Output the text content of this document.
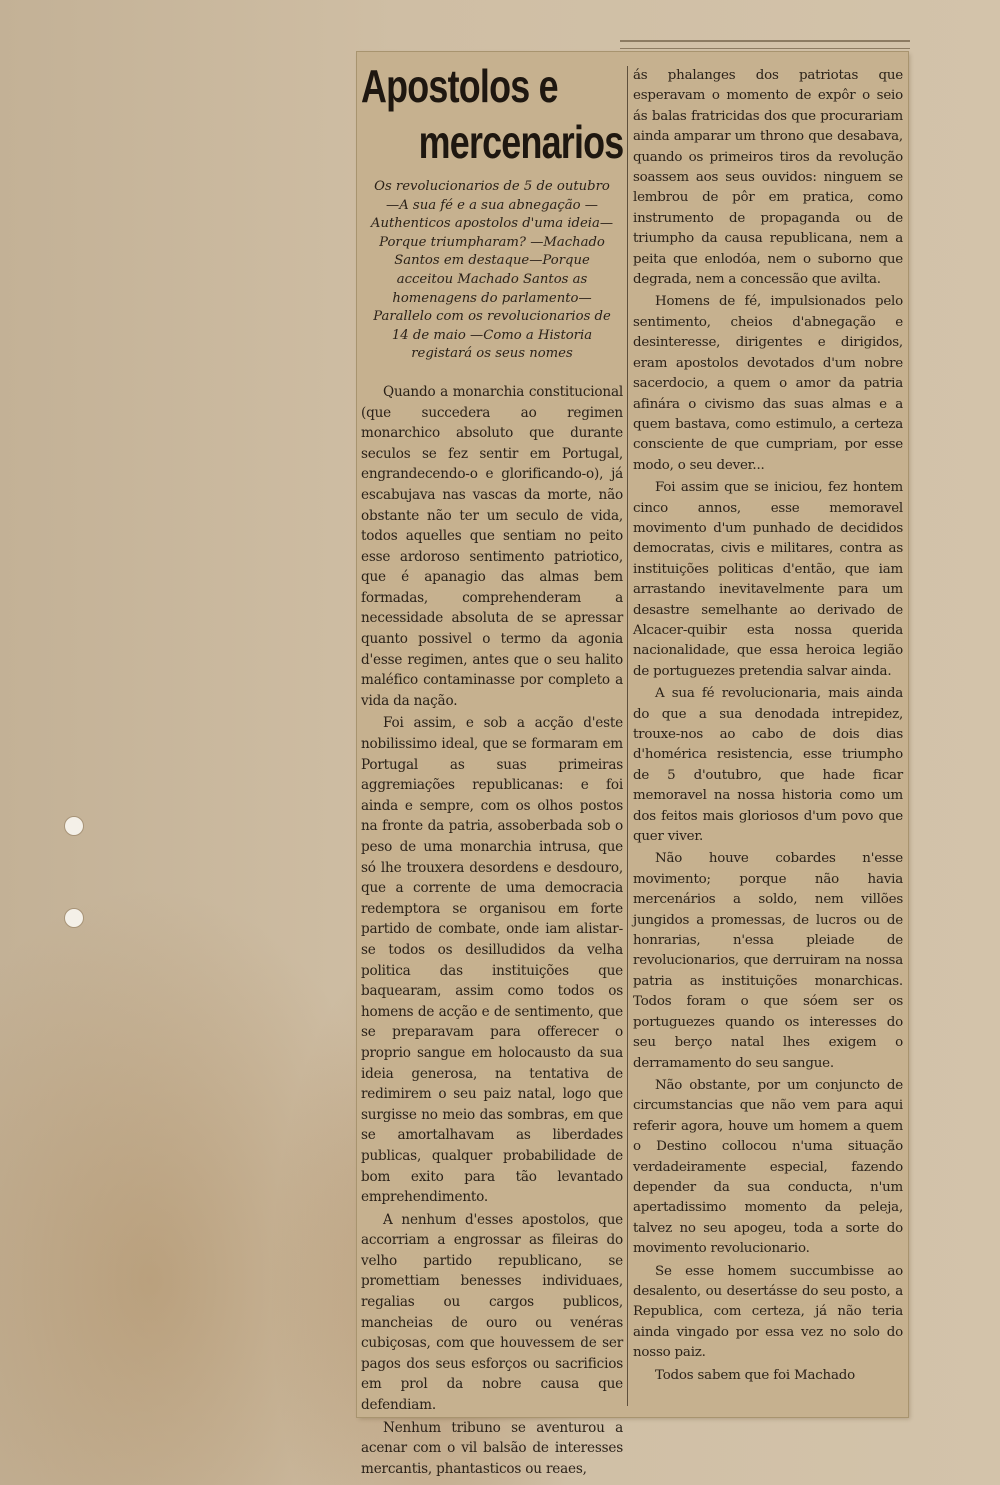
Apostolos e
mercenarios

Os revolucionarios de 5 de outubro —A sua fé e a sua abnegação —Authenticos apostolos d'uma ideia—Porque triumpharam? —Machado Santos em destaque—Porque acceitou Machado Santos as homenagens do parlamento—Parallelo com os revolucionarios de 14 de maio —Como a Historia registará os seus nomes

Quando a monarchia constitucional (que succedera ao regimen monarchico absoluto que durante seculos se fez sentir em Portugal, engrandecendo-o e glorificando-o), já escabujava nas vascas da morte, não obstante não ter um seculo de vida, todos aquelles que sentiam no peito esse ardoroso sentimento patriotico, que é apanagio das almas bem formadas, comprehenderam a necessidade absoluta de se apressar quanto possivel o termo da agonia d'esse regimen, antes que o seu halito maléfico contaminasse por completo a vida da nação.

Foi assim, e sob a acção d'este nobilissimo ideal, que se formaram em Portugal as suas primeiras aggremiações republicanas: e foi ainda e sempre, com os olhos postos na fronte da patria, assoberbada sob o peso de uma monarchia intrusa, que só lhe trouxera desordens e desdouro, que a corrente de uma democracia redemptora se organisou em forte partido de combate, onde iam alistar-se todos os desilludidos da velha politica das instituições que baquearam, assim como todos os homens de acção e de sentimento, que se preparavam para offerecer o proprio sangue em holocausto da sua ideia generosa, na tentativa de redimirem o seu paiz natal, logo que surgisse no meio das sombras, em que se amortalhavam as liberdades publicas, qualquer probabilidade de bom exito para tão levantado emprehendimento.

A nenhum d'esses apostolos, que accorriam a engrossar as fileiras do velho partido republicano, se promettiam benesses individuaes, regalias ou cargos publicos, mancheias de ouro ou venéras cubiçosas, com que houvessem de ser pagos dos seus esforços ou sacrificios em prol da nobre causa que defendiam.

Nenhum tribuno se aventurou a acenar com o vil balsão de interesses mercantis, phantasticos ou reaes,

ás phalanges dos patriotas que esperavam o momento de expôr o seio ás balas fratricidas dos que procurariam ainda amparar um throno que desabava, quando os primeiros tiros da revolução soassem aos seus ouvidos: ninguem se lembrou de pôr em pratica, como instrumento de propaganda ou de triumpho da causa republicana, nem a peita que enlodóa, nem o suborno que degrada, nem a concessão que avilta.

Homens de fé, impulsionados pelo sentimento, cheios d'abnegação e desinteresse, dirigentes e dirigidos, eram apostolos devotados d'um nobre sacerdocio, a quem o amor da patria afinára o civismo das suas almas e a quem bastava, como estimulo, a certeza consciente de que cumpriam, por esse modo, o seu dever...

Foi assim que se iniciou, fez hontem cinco annos, esse memoravel movimento d'um punhado de decididos democratas, civis e militares, contra as instituições politicas d'então, que iam arrastando inevitavelmente para um desastre semelhante ao derivado de Alcacer-quibir esta nossa querida nacionalidade, que essa heroica legião de portuguezes pretendia salvar ainda.

A sua fé revolucionaria, mais ainda do que a sua denodada intrepidez, trouxe-nos ao cabo de dois dias d'homérica resistencia, esse triumpho de 5 d'outubro, que hade ficar memoravel na nossa historia como um dos feitos mais gloriosos d'um povo que quer viver.

Não houve cobardes n'esse movimento; porque não havia mercenários a soldo, nem villões jungidos a promessas, de lucros ou de honrarias, n'essa pleiade de revolucionarios, que derruiram na nossa patria as instituições monarchicas. Todos foram o que sóem ser os portuguezes quando os interesses do seu berço natal lhes exigem o derramamento do seu sangue.

Não obstante, por um conjuncto de circumstancias que não vem para aqui referir agora, houve um homem a quem o Destino collocou n'uma situação verdadeiramente especial, fazendo depender da sua conducta, n'um apertadissimo momento da peleja, talvez no seu apogeu, toda a sorte do movimento revolucionario.

Se esse homem succumbisse ao desalento, ou desertásse do seu posto, a Republica, com certeza, já não teria ainda vingado por essa vez no solo do nosso paiz.

Todos sabem que foi Machado
